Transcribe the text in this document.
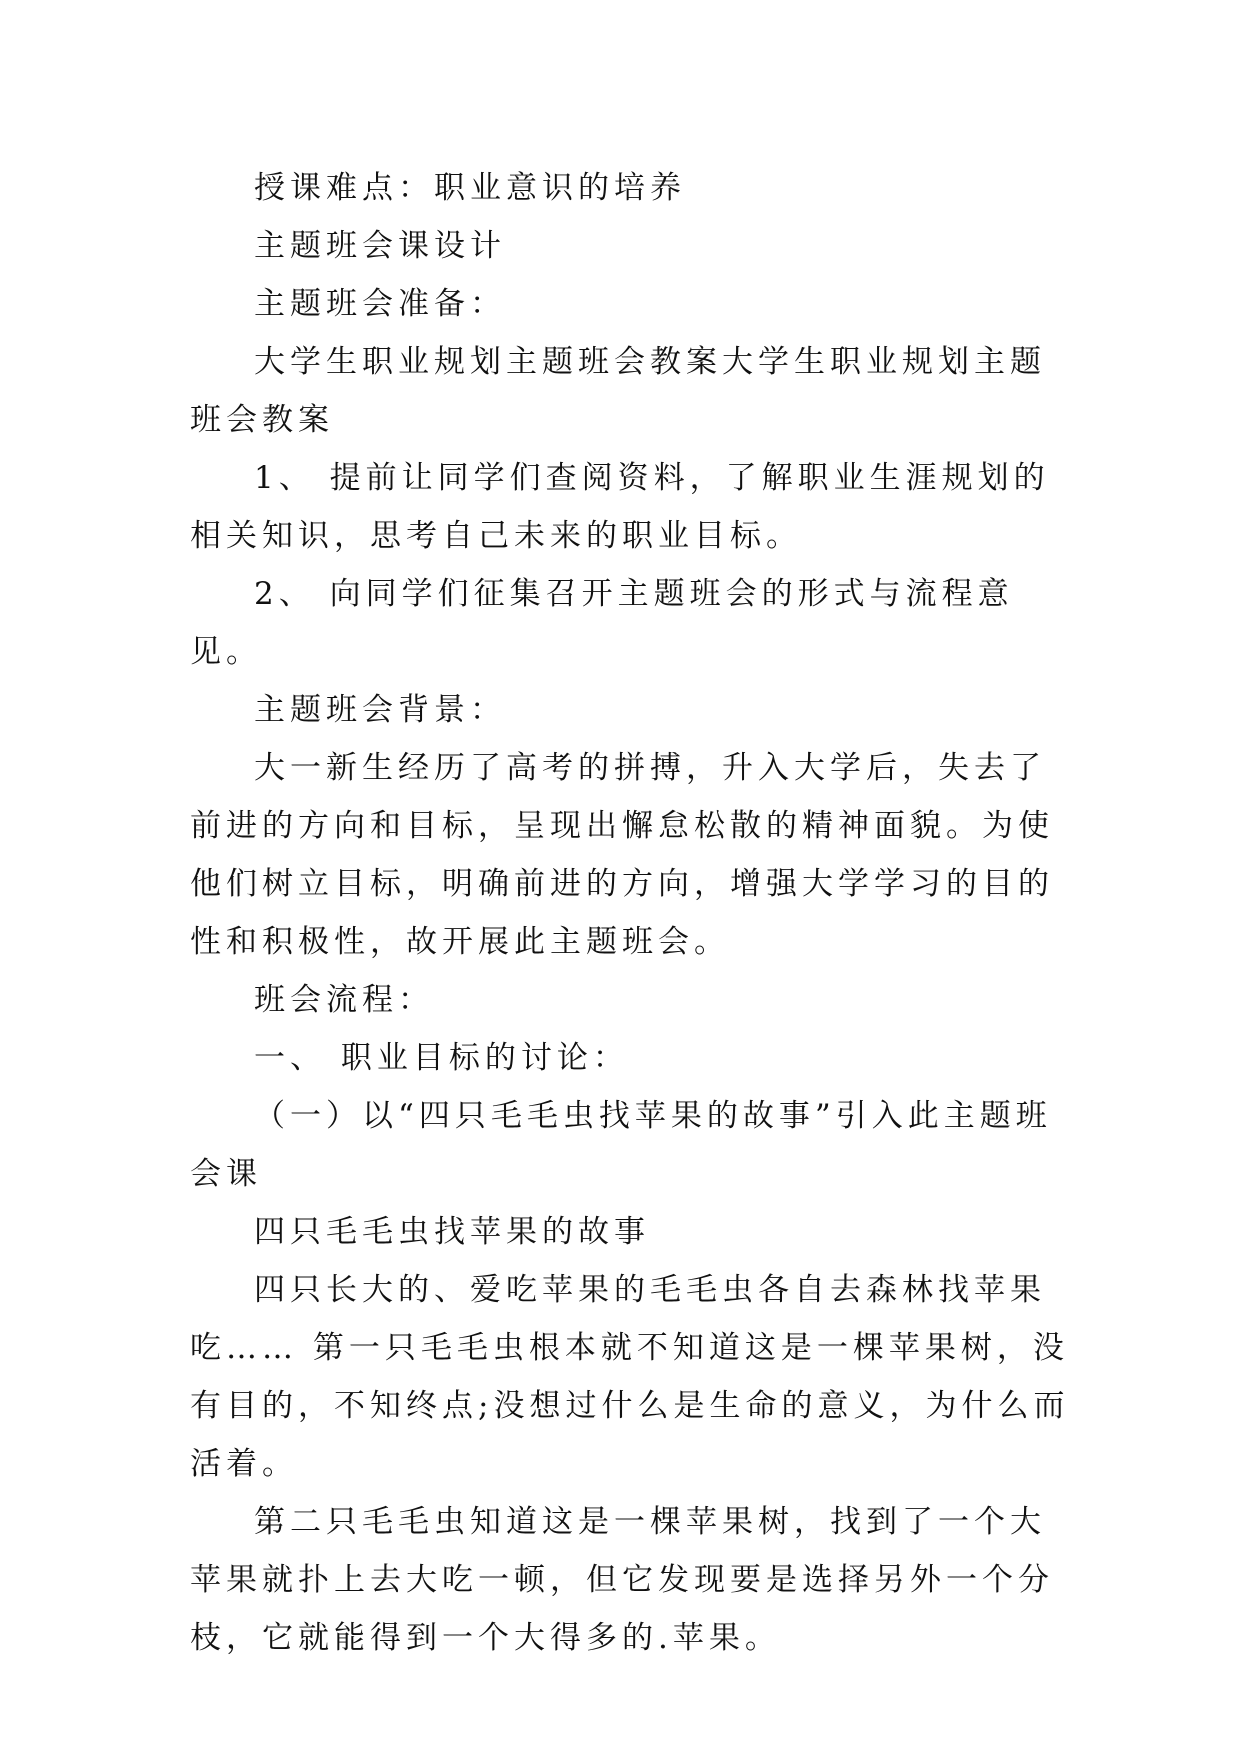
授课难点：职业意识的培养

主题班会课设计

主题班会准备：

大学生职业规划主题班会教案大学生职业规划主题班会教案

1、 提前让同学们查阅资料，了解职业生涯规划的相关知识，思考自己未来的职业目标。

2、 向同学们征集召开主题班会的形式与流程意见。

主题班会背景：

大一新生经历了高考的拼搏，升入大学后，失去了前进的方向和目标，呈现出懈怠松散的精神面貌。为使他们树立目标，明确前进的方向，增强大学学习的目的性和积极性，故开展此主题班会。

班会流程：

一、 职业目标的讨论：

（一）以“四只毛毛虫找苹果的故事”引入此主题班会课

四只毛毛虫找苹果的故事

四只长大的、爱吃苹果的毛毛虫各自去森林找苹果吃…… 第一只毛毛虫根本就不知道这是一棵苹果树，没有目的，不知终点;没想过什么是生命的意义，为什么而活着。

第二只毛毛虫知道这是一棵苹果树，找到了一个大苹果就扑上去大吃一顿，但它发现要是选择另外一个分枝，它就能得到一个大得多的.苹果。
